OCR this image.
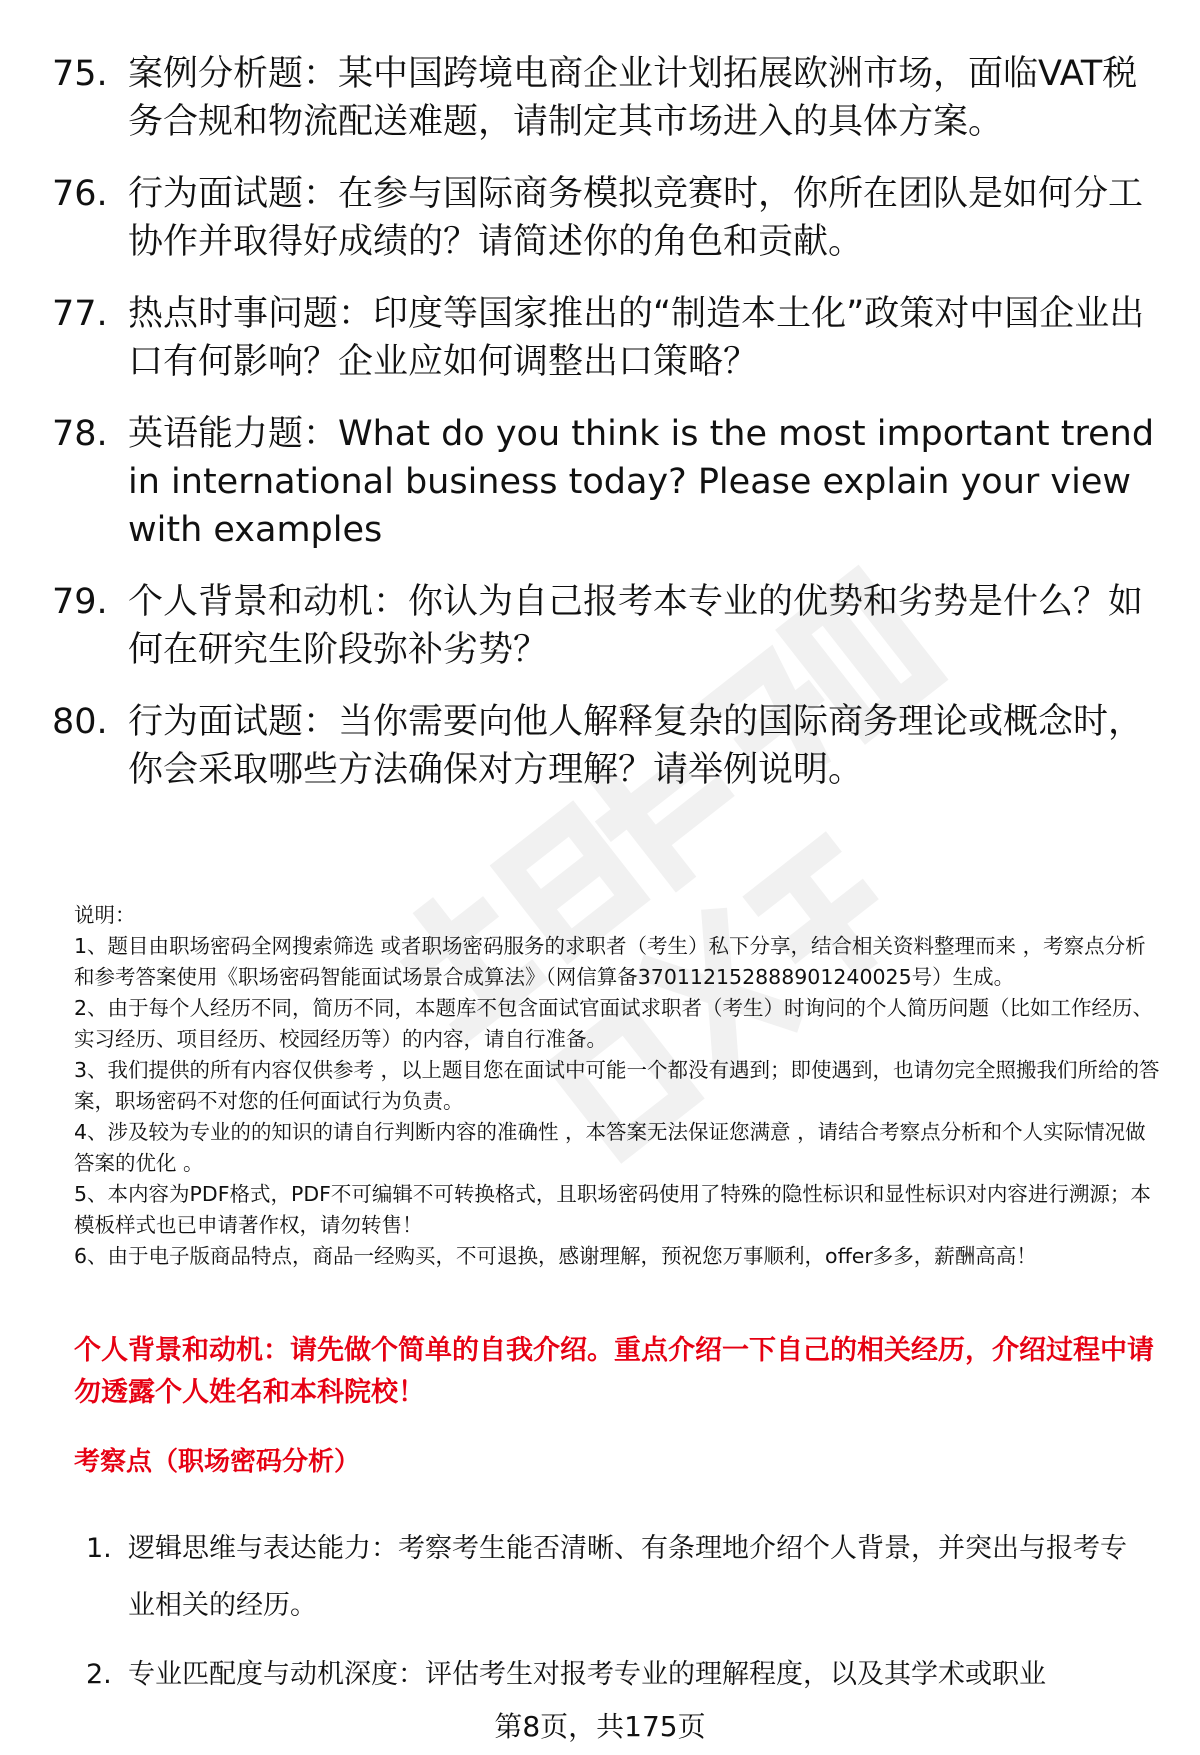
75. 案例分析题：某中国跨境电商企业计划拓展欧洲市场，面临VAT税务合规和物流配送难题，请制定其市场进入的具体方案。
76. 行为面试题：在参与国际商务模拟竞赛时，你所在团队是如何分工协作并取得好成绩的？请简述你的角色和贡献。
77. 热点时事问题：印度等国家推出的“制造本土化”政策对中国企业出口有何影响？企业应如何调整出口策略？
78. 英语能力题：What do you think is the most important trend in international business today? Please explain your view with examples
79. 个人背景和动机：你认为自己报考本专业的优势和劣势是什么？如何在研究生阶段弥补劣势？
80. 行为面试题：当你需要向他人解释复杂的国际商务理论或概念时，你会采取哪些方法确保对方理解？请举例说明。
说明：
1、题目由职场密码全网搜索筛选 或者职场密码服务的求职者（考生）私下分享，结合相关资料整理而来 ，考察点分析和参考答案使用《职场密码智能面试场景合成算法》（网信算备370112152888901240025号）生成。
2、由于每个人经历不同，简历不同，本题库不包含面试官面试求职者（考生）时询问的个人简历问题（比如工作经历、实习经历、项目经历、校园经历等）的内容，请自行准备。
3、我们提供的所有内容仅供参考 ，以上题目您在面试中可能一个都没有遇到；即使遇到，也请勿完全照搬我们所给的答案，职场密码不对您的任何面试行为负责。
4、涉及较为专业的的知识的请自行判断内容的准确性 ，本答案无法保证您满意 ，请结合考察点分析和个人实际情况做答案的优化 。
5、本内容为PDF格式，PDF不可编辑不可转换格式，且职场密码使用了特殊的隐性标识和显性标识对内容进行溯源；本模板样式也已申请著作权，请勿转售！
6、由于电子版商品特点，商品一经购买，不可退换，感谢理解，预祝您万事顺利，offer多多，薪酬高高！
个人背景和动机：请先做个简单的自我介绍。重点介绍一下自己的相关经历，介绍过程中请勿透露个人姓名和本科院校！
考察点（职场密码分析）
1. 逻辑思维与表达能力：考察考生能否清晰、有条理地介绍个人背景，并突出与报考专业相关的经历。
2. 专业匹配度与动机深度：评估考生对报考专业的理解程度，以及其学术或职业
第8页，共175页
